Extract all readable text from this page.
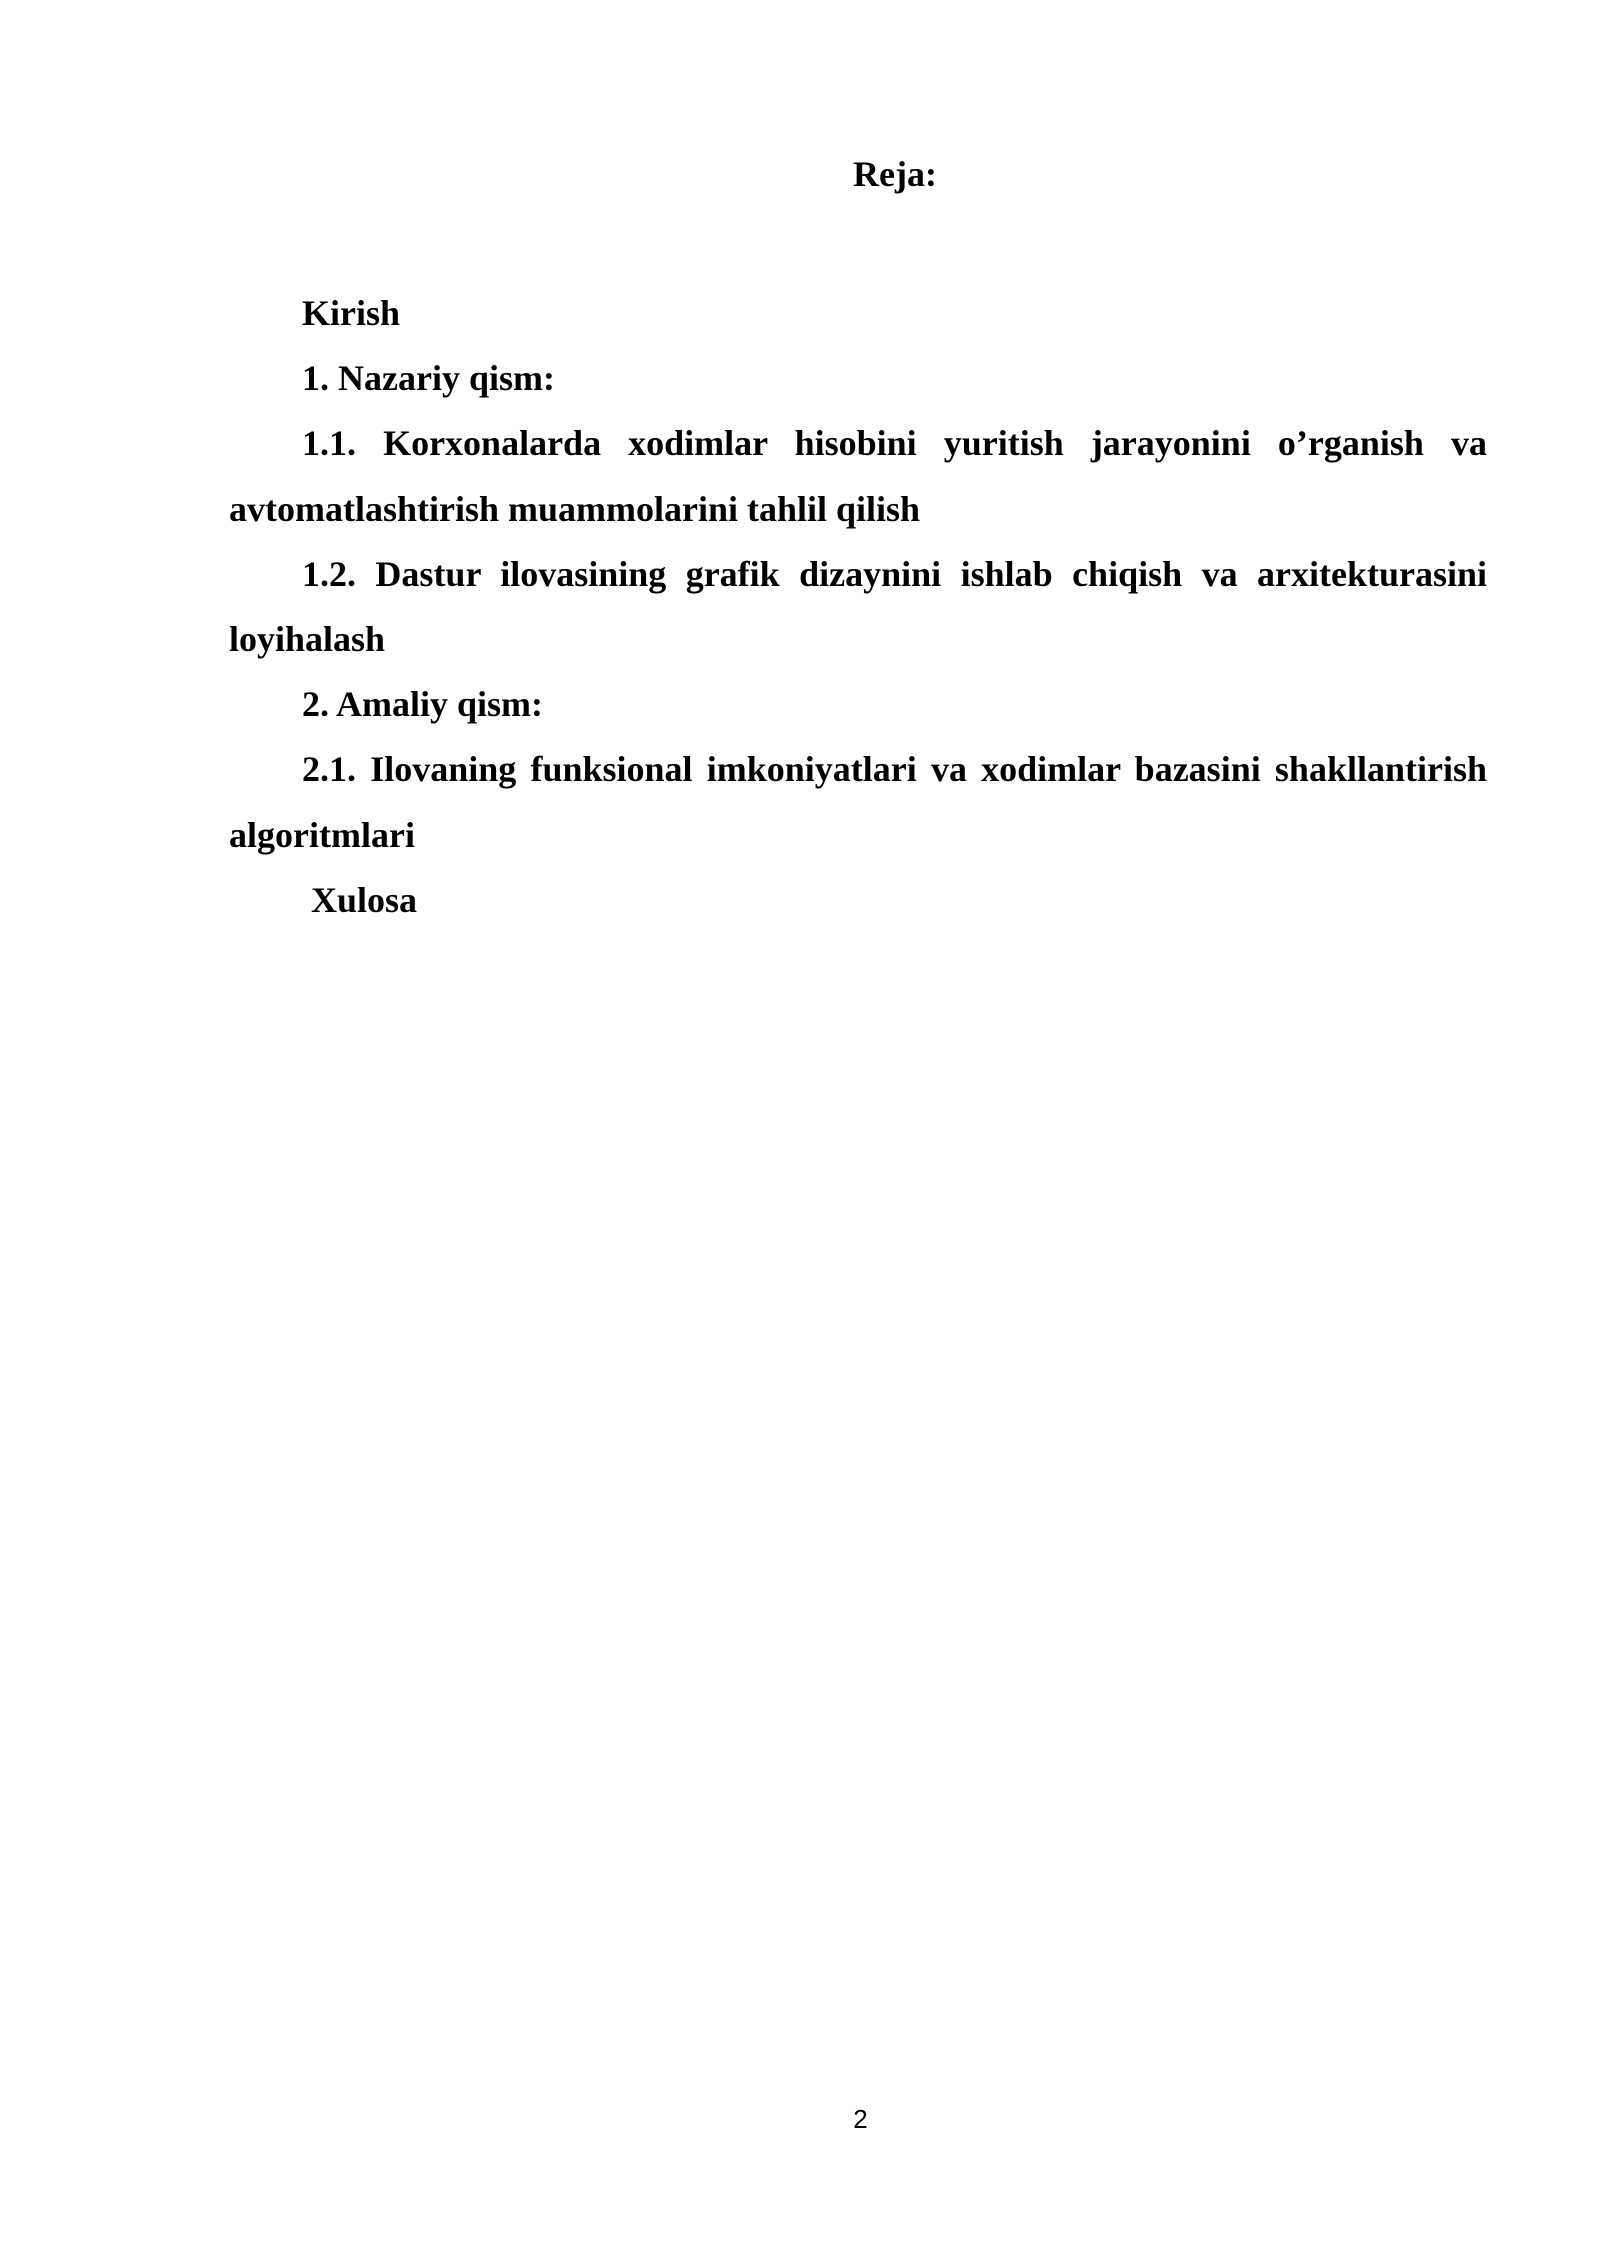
Reja:

Kirish

1. Nazariy qism:

1.1. Korxonalarda xodimlar hisobini yuritish jarayonini o’rganish va avtomatlashtirish muammolarini tahlil qilish

1.2. Dastur ilovasining grafik dizaynini ishlab chiqish va arxitekturasini loyihalash

2. Amaliy qism:

2.1. Ilovaning funksional imkoniyatlari va xodimlar bazasini shakllantirish algoritmlari

Xulosa

2
